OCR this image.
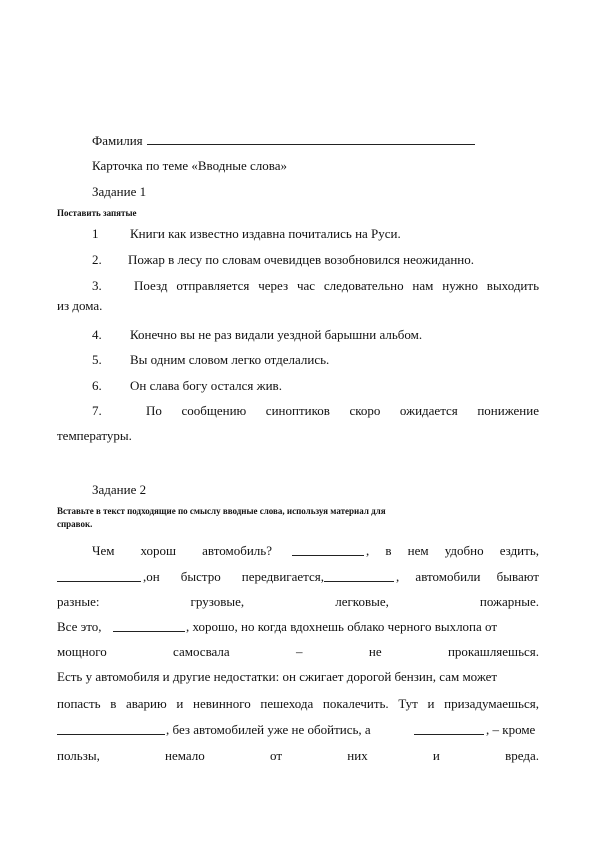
Фамилия
Карточка по теме «Вводные слова»
Задание 1
Поставить запятые
1 Книги как известно издавна почитались на Руси.
2. Пожар в лесу по словам очевидцев возобновился неожиданно.
3. Поезд отправляется через час следовательно нам нужно выходить
из дома.
4. Конечно вы не раз видали уездной барышни альбом.
5. Вы одним словом легко отделались.
6. Он слава богу остался жив.
7.	По сообщению синоптиков скоро ожидается понижение
температуры.
Задание 2
Вставьте в текст подходящие по смыслу вводные слова, используя материал для
справок.
Чем хорош автомобиль?	, в нем удобно ездить,
,он быстро передвигается,	, автомобили бывают
разные: грузовые, легковые, пожарные.
Все это,	, хорошо, но когда вдохнешь облако черного выхлопа от
мощного самосвала – не прокашляешься.
Есть у автомобиля и другие недостатки: он сжигает дорогой бензин, сам может
попасть в аварию и невинного пешехода покалечить. Тут и призадумаешься,
, без автомобилей уже не обойтись, а	, – кроме
пользы, немало от них и вреда.
